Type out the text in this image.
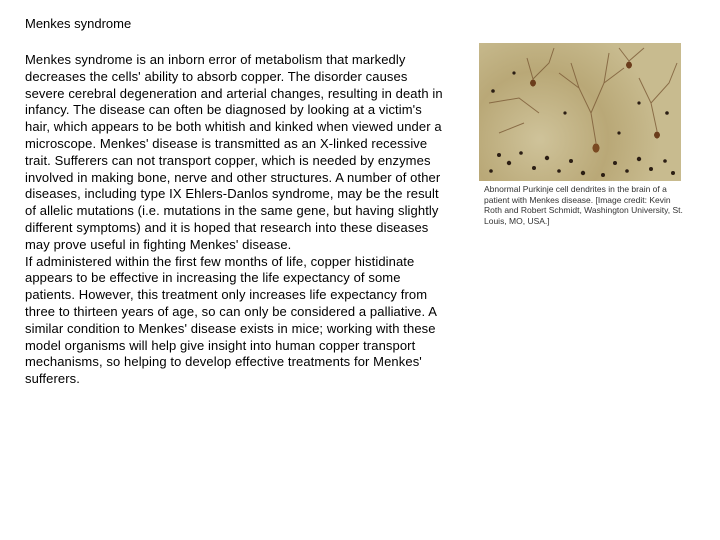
Menkes syndrome

Menkes syndrome is an inborn error of metabolism that markedly decreases the cells' ability to absorb copper. The disorder causes severe cerebral degeneration and arterial changes, resulting in death in infancy. The disease can often be diagnosed by looking at a victim's hair, which appears to be both whitish and kinked when viewed under a microscope. Menkes' disease is transmitted as an X-linked recessive trait. Sufferers can not transport copper, which is needed by enzymes involved in making bone, nerve and other structures. A number of other diseases, including type IX Ehlers-Danlos syndrome, may be the result of allelic mutations (i.e. mutations in the same gene, but having slightly different symptoms) and it is hoped that research into these diseases may prove useful in fighting Menkes' disease.

If administered within the first few months of life, copper histidinate appears to be effective in increasing the life expectancy of some patients. However, this treatment only increases life expectancy from three to thirteen years of age, so can only be considered a palliative. A similar condition to Menkes' disease exists in mice; working with these model organisms will help give insight into human copper transport mechanisms, so helping to develop effective treatments for Menkes' sufferers.

Abnormal Purkinje cell dendrites in the brain of a patient with Menkes disease. [Image credit: Kevin Roth and Robert Schmidt, Washington University, St. Louis, MO, USA.]
